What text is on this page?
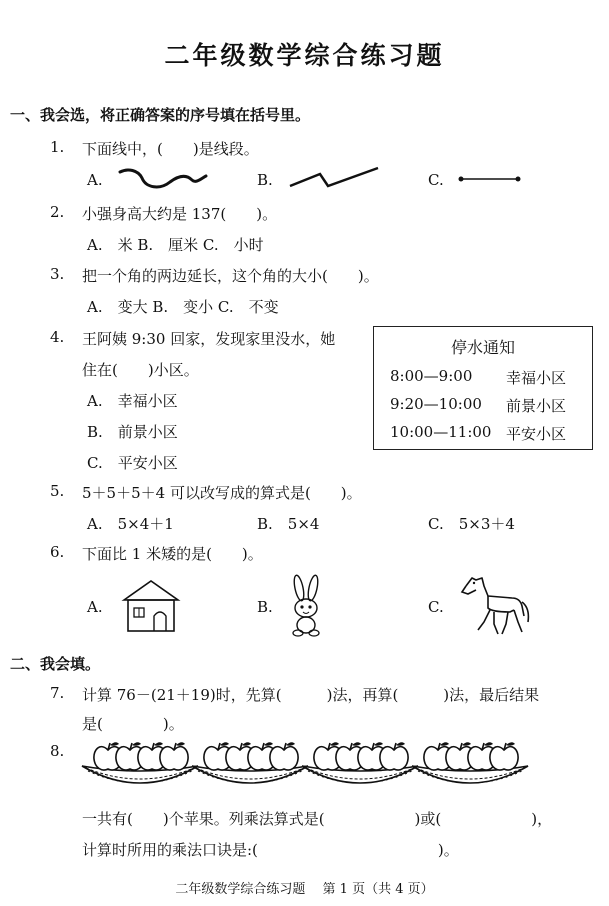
二年级数学综合练习题
一、我会选，将正确答案的序号填在括号里。
1. 下面线中，(　　)是线段。
A.	B.	C.
2. 小强身高大约是 137(　　)。
A.　米 B.　厘米 C.　小时
3. 把一个角的两边延长，这个角的大小(　　)。
A.　变大 B.　变小 C.　不变
4. 王阿姨 9:30 回家，发现家里没水，她
住在(　　)小区。
A.　幸福小区
B.　前景小区
C.　平安小区
停水通知
8:00—9:00 幸福小区
9:20—10:00 前景小区
10:00—11:00 平安小区
5. 5＋5＋5＋4 可以改写成的算式是(　　)。
A.　5×4＋1	B.　5×4	C.　5×3＋4
6. 下面比 1 米矮的是(　　)。
A.	B.	C.
二、我会填。
7. 计算 76－(21＋19)时，先算(　　　)法，再算(　　　)法，最后结果
是(　　　　)。
8.
一共有(　　)个苹果。列乘法算式是(　　　　　　)或(　　　　　　)，
计算时所用的乘法口诀是:(　　　　　　　　　　　　)。
二年级数学综合练习题　 第 1 页（共 4 页）
